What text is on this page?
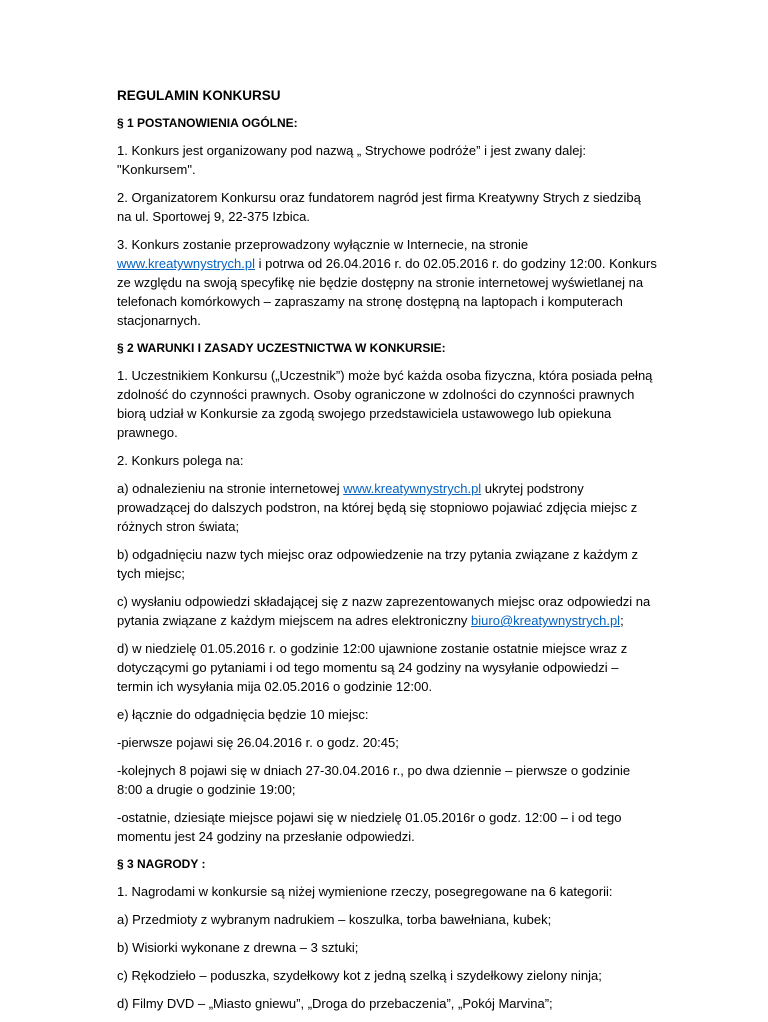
REGULAMIN KONKURSU
§ 1 POSTANOWIENIA OGÓLNE:

1. Konkurs jest organizowany pod nazwą „ Strychowe podróże” i jest zwany dalej: "Konkursem".

2. Organizatorem Konkursu oraz fundatorem nagród jest firma Kreatywny Strych z siedzibą na ul. Sportowej 9, 22-375 Izbica.

3. Konkurs zostanie przeprowadzony wyłącznie w Internecie, na stronie www.kreatywnystrych.pl i potrwa od 26.04.2016 r. do 02.05.2016 r. do godziny 12:00. Konkurs ze względu na swoją specyfikę nie będzie dostępny na stronie internetowej wyświetlanej na telefonach komórkowych – zapraszamy na stronę dostępną na laptopach i komputerach stacjonarnych.

§ 2 WARUNKI I ZASADY UCZESTNICTWA W KONKURSIE:

1. Uczestnikiem Konkursu („Uczestnik”) może być każda osoba fizyczna, która posiada pełną zdolność do czynności prawnych. Osoby ograniczone w zdolności do czynności prawnych biorą udział w Konkursie za zgodą swojego przedstawiciela ustawowego lub opiekuna prawnego.

2. Konkurs polega na:

a) odnalezieniu na stronie internetowej www.kreatywnystrych.pl ukrytej podstrony prowadzącej do dalszych podstron, na której będą się stopniowo pojawiać zdjęcia miejsc z różnych stron świata;

b) odgadnięciu nazw tych miejsc oraz odpowiedzenie na trzy pytania związane z każdym z tych miejsc;

c) wysłaniu odpowiedzi składającej się z nazw zaprezentowanych miejsc oraz odpowiedzi na pytania związane z każdym miejscem na adres elektroniczny biuro@kreatywnystrych.pl;

d) w niedzielę 01.05.2016 r. o godzinie 12:00 ujawnione zostanie ostatnie miejsce wraz z dotyczącymi go pytaniami i od tego momentu są 24 godziny na wysyłanie odpowiedzi – termin ich wysyłania mija 02.05.2016 o godzinie 12:00.

e) łącznie do odgadnięcia będzie 10 miejsc:

-pierwsze pojawi się 26.04.2016 r. o godz. 20:45;

-kolejnych 8 pojawi się w dniach 27-30.04.2016 r., po dwa dziennie – pierwsze o godzinie 8:00 a drugie o godzinie 19:00;

-ostatnie, dziesiąte miejsce pojawi się w niedzielę 01.05.2016r o godz. 12:00 – i od tego momentu jest 24 godziny na przesłanie odpowiedzi.

§ 3 NAGRODY :

1. Nagrodami w konkursie są niżej wymienione rzeczy, posegregowane na 6 kategorii:

a) Przedmioty z wybranym nadrukiem – koszulka, torba bawełniana, kubek;

b) Wisiorki wykonane z drewna – 3 sztuki;

c) Rękodzieło – poduszka, szydełkowy kot z jedną szelką i szydełkowy zielony ninja;

d) Filmy DVD – „Miasto gniewu”, „Droga do przebaczenia”, „Pokój Marvina”;
